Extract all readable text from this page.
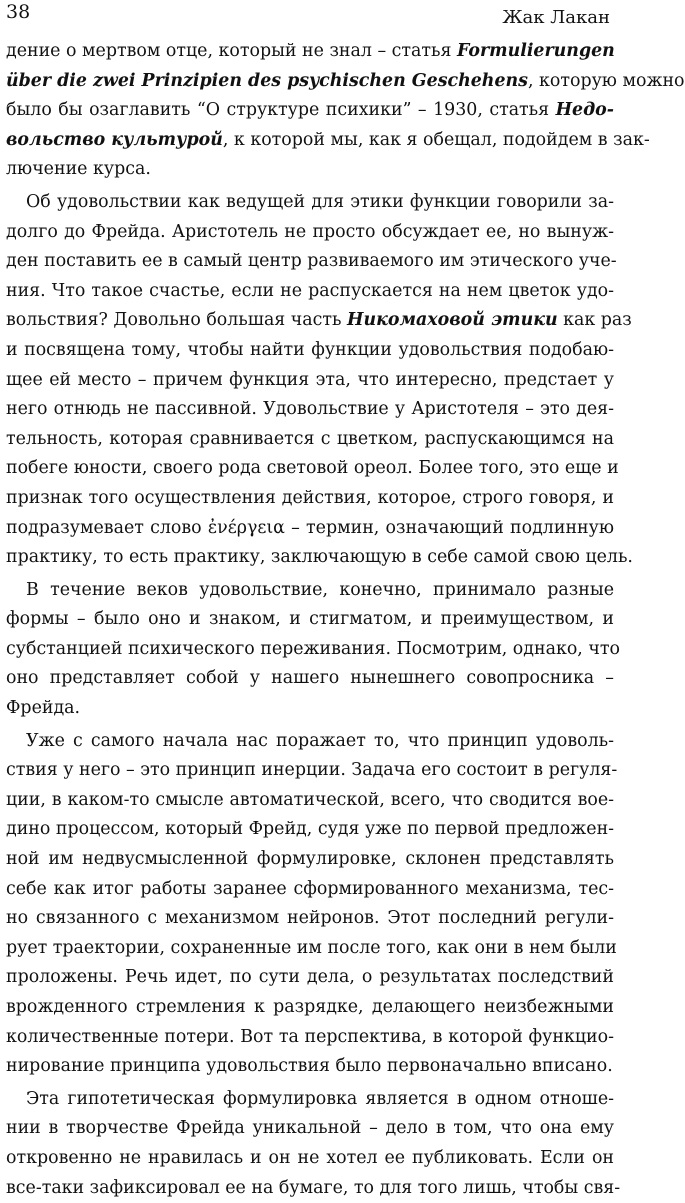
38	Жак Лакан
дение о мертвом отце, который не знал – статья Formulierungen
über die zwei Prinzipien des psychischen Geschehens, которую можно
было бы озаглавить “О структуре психики” – 1930, статья Недо-
вольство культурой, к которой мы, как я обещал, подойдем в зак-
лючение курса.
Об удовольствии как ведущей для этики функции говорили за-
долго до Фрейда. Аристотель не просто обсуждает ее, но вынуж-
ден поставить ее в самый центр развиваемого им этического уче-
ния. Что такое счастье, если не распускается на нем цветок удо-
вольствия? Довольно большая часть Никомаховой этики как раз
и посвящена тому, чтобы найти функции удовольствия подобаю-
щее ей место – причем функция эта, что интересно, предстает у
него отнюдь не пассивной. Удовольствие у Аристотеля – это дея-
тельность, которая сравнивается с цветком, распускающимся на
побеге юности, своего рода световой ореол. Более того, это еще и
признак того осуществления действия, которое, строго говоря, и
подразумевает слово ἐνέργεια – термин, означающий подлинную
практику, то есть практику, заключающую в себе самой свою цель.
В течение веков удовольствие, конечно, принимало разные
формы – было оно и знаком, и стигматом, и преимуществом, и
субстанцией психического переживания. Посмотрим, однако, что
оно представляет собой у нашего нынешнего совопросника –
Фрейда.
Уже с самого начала нас поражает то, что принцип удоволь-
ствия у него – это принцип инерции. Задача его состоит в регуля-
ции, в каком-то смысле автоматической, всего, что сводится вое-
дино процессом, который Фрейд, судя уже по первой предложен-
ной им недвусмысленной формулировке, склонен представлять
себе как итог работы заранее сформированного механизма, тес-
но связанного с механизмом нейронов. Этот последний регули-
рует траектории, сохраненные им после того, как они в нем были
проложены. Речь идет, по сути дела, о результатах последствий
врожденного стремления к разрядке, делающего неизбежными
количественные потери. Вот та перспектива, в которой функцио-
нирование принципа удовольствия было первоначально вписано.
Эта гипотетическая формулировка является в одном отноше-
нии в творчестве Фрейда уникальной – дело в том, что она ему
откровенно не нравилась и он не хотел ее публиковать. Если он
все-таки зафиксировал ее на бумаге, то для того лишь, чтобы свя-
